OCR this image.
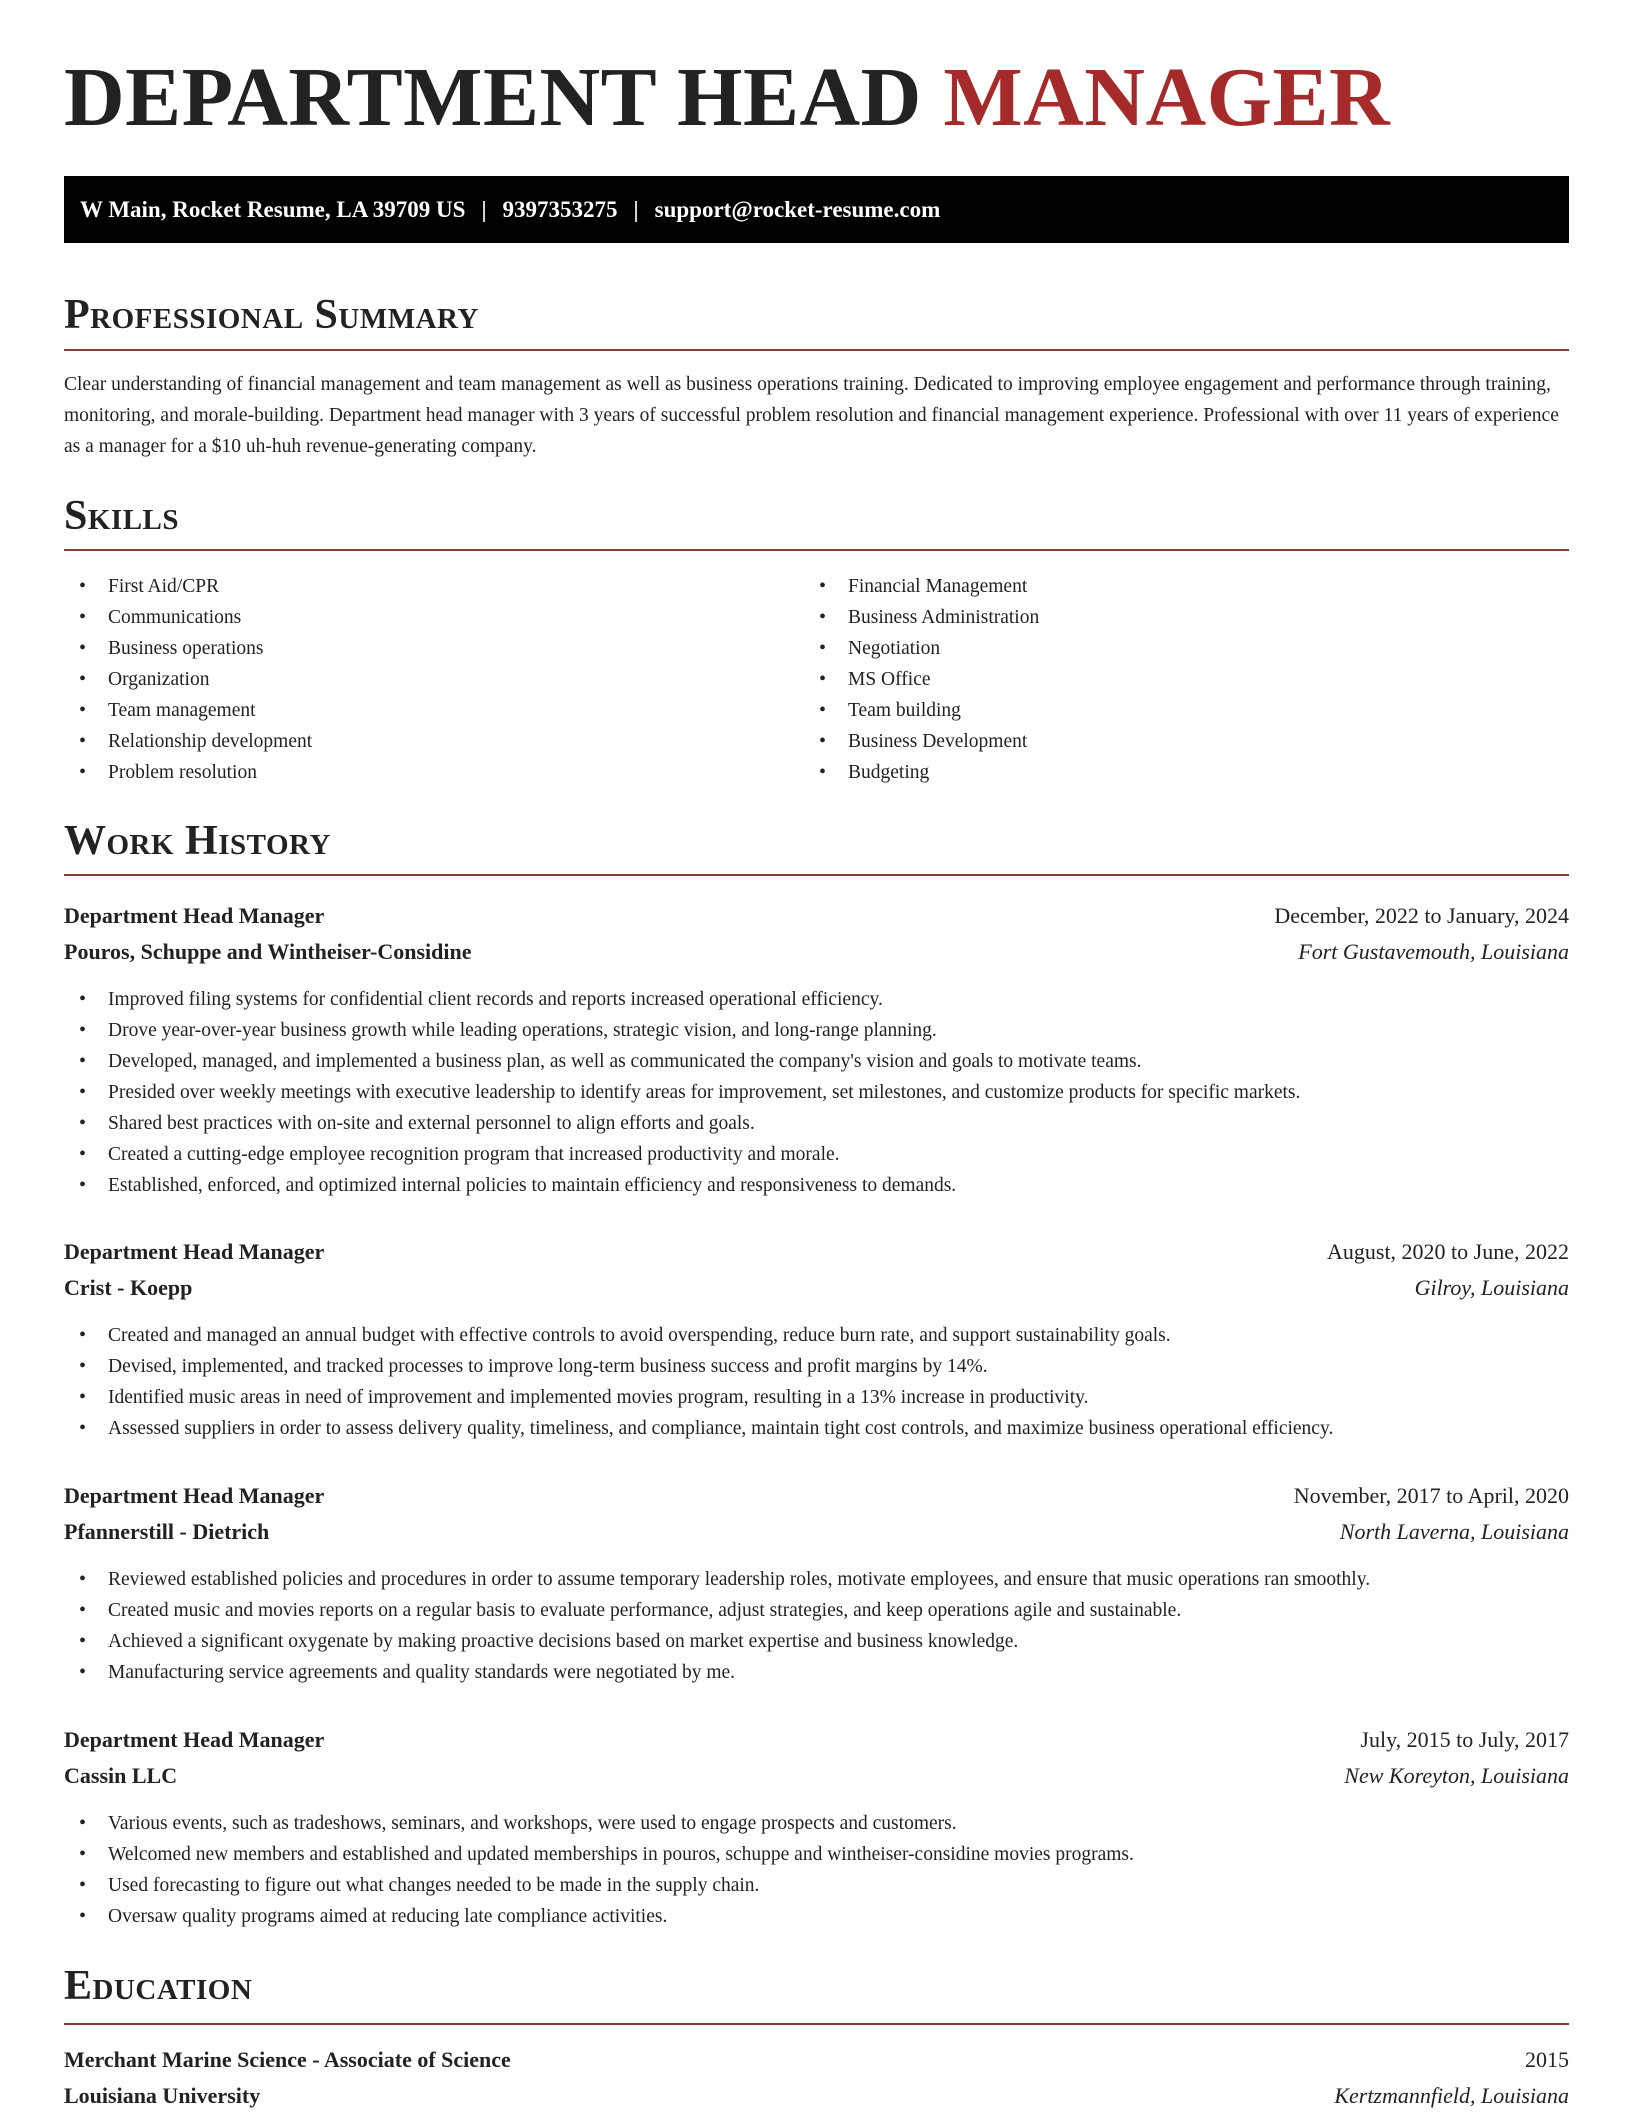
DEPARTMENT HEAD MANAGER
W Main, Rocket Resume, LA 39709 US | 9397353275 | support@rocket-resume.com
Professional Summary

Clear understanding of financial management and team management as well as business operations training. Dedicated to improving employee engagement and performance through training, monitoring, and morale-building. Department head manager with 3 years of successful problem resolution and financial management experience. Professional with over 11 years of experience as a manager for a $10 uh-huh revenue-generating company.

Skills
• First Aid/CPR
• Communications
• Business operations
• Organization
• Team management
• Relationship development
• Problem resolution
• Financial Management
• Business Administration
• Negotiation
• MS Office
• Team building
• Business Development
• Budgeting
Work History
Department Head Manager	December, 2022 to January, 2024
Pouros, Schuppe and Wintheiser-Considine	Fort Gustavemouth, Louisiana
• Improved filing systems for confidential client records and reports increased operational efficiency.
• Drove year-over-year business growth while leading operations, strategic vision, and long-range planning.
• Developed, managed, and implemented a business plan, as well as communicated the company's vision and goals to motivate teams.
• Presided over weekly meetings with executive leadership to identify areas for improvement, set milestones, and customize products for specific markets.
• Shared best practices with on-site and external personnel to align efforts and goals.
• Created a cutting-edge employee recognition program that increased productivity and morale.
• Established, enforced, and optimized internal policies to maintain efficiency and responsiveness to demands.
Department Head Manager	August, 2020 to June, 2022
Crist - Koepp	Gilroy, Louisiana
• Created and managed an annual budget with effective controls to avoid overspending, reduce burn rate, and support sustainability goals.
• Devised, implemented, and tracked processes to improve long-term business success and profit margins by 14%.
• Identified music areas in need of improvement and implemented movies program, resulting in a 13% increase in productivity.
• Assessed suppliers in order to assess delivery quality, timeliness, and compliance, maintain tight cost controls, and maximize business operational efficiency.
Department Head Manager	November, 2017 to April, 2020
Pfannerstill - Dietrich	North Laverna, Louisiana
• Reviewed established policies and procedures in order to assume temporary leadership roles, motivate employees, and ensure that music operations ran smoothly.
• Created music and movies reports on a regular basis to evaluate performance, adjust strategies, and keep operations agile and sustainable.
• Achieved a significant oxygenate by making proactive decisions based on market expertise and business knowledge.
• Manufacturing service agreements and quality standards were negotiated by me.
Department Head Manager	July, 2015 to July, 2017
Cassin LLC	New Koreyton, Louisiana
• Various events, such as tradeshows, seminars, and workshops, were used to engage prospects and customers.
• Welcomed new members and established and updated memberships in pouros, schuppe and wintheiser-considine movies programs.
• Used forecasting to figure out what changes needed to be made in the supply chain.
• Oversaw quality programs aimed at reducing late compliance activities.
Education
Merchant Marine Science - Associate of Science	2015
Louisiana University	Kertzmannfield, Louisiana
